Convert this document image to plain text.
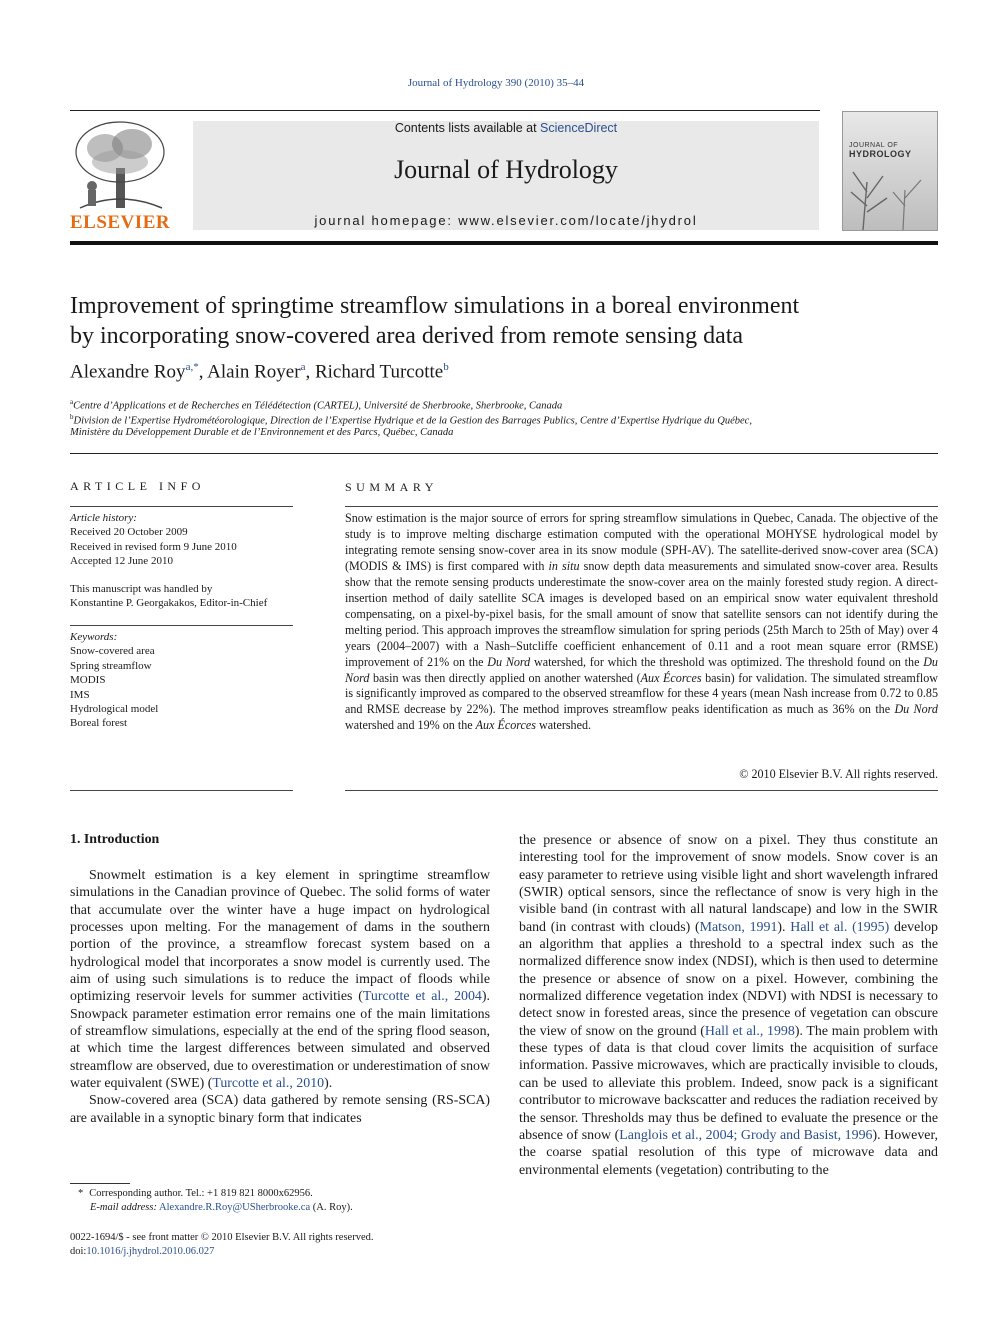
Journal of Hydrology 390 (2010) 35–44
ELSEVIER
Contents lists available at ScienceDirect
Journal of Hydrology
journal homepage: www.elsevier.com/locate/jhydrol
JOURNAL OF
HYDROLOGY
Improvement of springtime streamflow simulations in a boreal environment
by incorporating snow-covered area derived from remote sensing data
Alexandre Roy$^{a,*}$, Alain Royer$^a$, Richard Turcotte$^b$
$^a$Centre d’Applications et de Recherches en Télédétection (CARTEL), Université de Sherbrooke, Sherbrooke, Canada
$^b$Division de l’Expertise Hydrométéorologique, Direction de l’Expertise Hydrique et de la Gestion des Barrages Publics, Centre d’Expertise Hydrique du Québec,
Ministère du Développement Durable et de l’Environnement et des Parcs, Québec, Canada
ARTICLE INFO
Article history:
Received 20 October 2009
Received in revised form 9 June 2010
Accepted 12 June 2010
This manuscript was handled by
Konstantine P. Georgakakos, Editor-in-Chief
Keywords:
Snow-covered area
Spring streamflow
MODIS
IMS
Hydrological model
Boreal forest
SUMMARY
Snow estimation is the major source of errors for spring streamflow simulations in Quebec, Canada. The objective of the study is to improve melting discharge estimation computed with the operational MOHYSE hydrological model by integrating remote sensing snow-cover area in its snow module (SPH-AV). The satellite-derived snow-cover area (SCA) (MODIS & IMS) is first compared with in situ snow depth data measurements and simulated snow-cover area. Results show that the remote sensing products underestimate the snow-cover area on the mainly forested study region. A direct-insertion method of daily satellite SCA images is developed based on an empirical snow water equivalent threshold compensating, on a pixel-by-pixel basis, for the small amount of snow that satellite sensors can not identify during the melting period. This approach improves the streamflow simulation for spring periods (25th March to 25th of May) over 4 years (2004–2007) with a Nash–Sutcliffe coefficient enhancement of 0.11 and a root mean square error (RMSE) improvement of 21% on the Du Nord watershed, for which the threshold was optimized. The threshold found on the Du Nord basin was then directly applied on another watershed (Aux Écorces basin) for validation. The simulated streamflow is significantly improved as compared to the observed streamflow for these 4 years (mean Nash increase from 0.72 to 0.85 and RMSE decrease by 22%). The method improves streamflow peaks identification as much as 36% on the Du Nord watershed and 19% on the Aux Écorces watershed.
© 2010 Elsevier B.V. All rights reserved.
1. Introduction

Snowmelt estimation is a key element in springtime streamflow simulations in the Canadian province of Quebec. The solid forms of water that accumulate over the winter have a huge impact on hydrological processes upon melting. For the management of dams in the southern portion of the province, a streamflow forecast system based on a hydrological model that incorporates a snow model is currently used. The aim of using such simulations is to reduce the impact of floods while optimizing reservoir levels for summer activities (Turcotte et al., 2004). Snowpack parameter estimation error remains one of the main limitations of streamflow simulations, especially at the end of the spring flood season, at which time the largest differences between simulated and observed streamflow are observed, due to overestimation or underestimation of snow water equivalent (SWE) (Turcotte et al., 2010).

Snow-covered area (SCA) data gathered by remote sensing (RS-SCA) are available in a synoptic binary form that indicates

the presence or absence of snow on a pixel. They thus constitute an interesting tool for the improvement of snow models. Snow cover is an easy parameter to retrieve using visible light and short wavelength infrared (SWIR) optical sensors, since the reflectance of snow is very high in the visible band (in contrast with all natural landscape) and low in the SWIR band (in contrast with clouds) (Matson, 1991). Hall et al. (1995) develop an algorithm that applies a threshold to a spectral index such as the normalized difference snow index (NDSI), which is then used to determine the presence or absence of snow on a pixel. However, combining the normalized difference vegetation index (NDVI) with NDSI is necessary to detect snow in forested areas, since the presence of vegetation can obscure the view of snow on the ground (Hall et al., 1998). The main problem with these types of data is that cloud cover limits the acquisition of surface information. Passive microwaves, which are practically invisible to clouds, can be used to alleviate this problem. Indeed, snow pack is a significant contributor to microwave backscatter and reduces the radiation received by the sensor. Thresholds may thus be defined to evaluate the presence or the absence of snow (Langlois et al., 2004; Grody and Basist, 1996). However, the coarse spatial resolution of this type of microwave data and environmental elements (vegetation) contributing to the

* Corresponding author. Tel.: +1 819 821 8000x62956.
E-mail address: Alexandre.R.Roy@USherbrooke.ca (A. Roy).
0022-1694/$ - see front matter © 2010 Elsevier B.V. All rights reserved.
doi:10.1016/j.jhydrol.2010.06.027
